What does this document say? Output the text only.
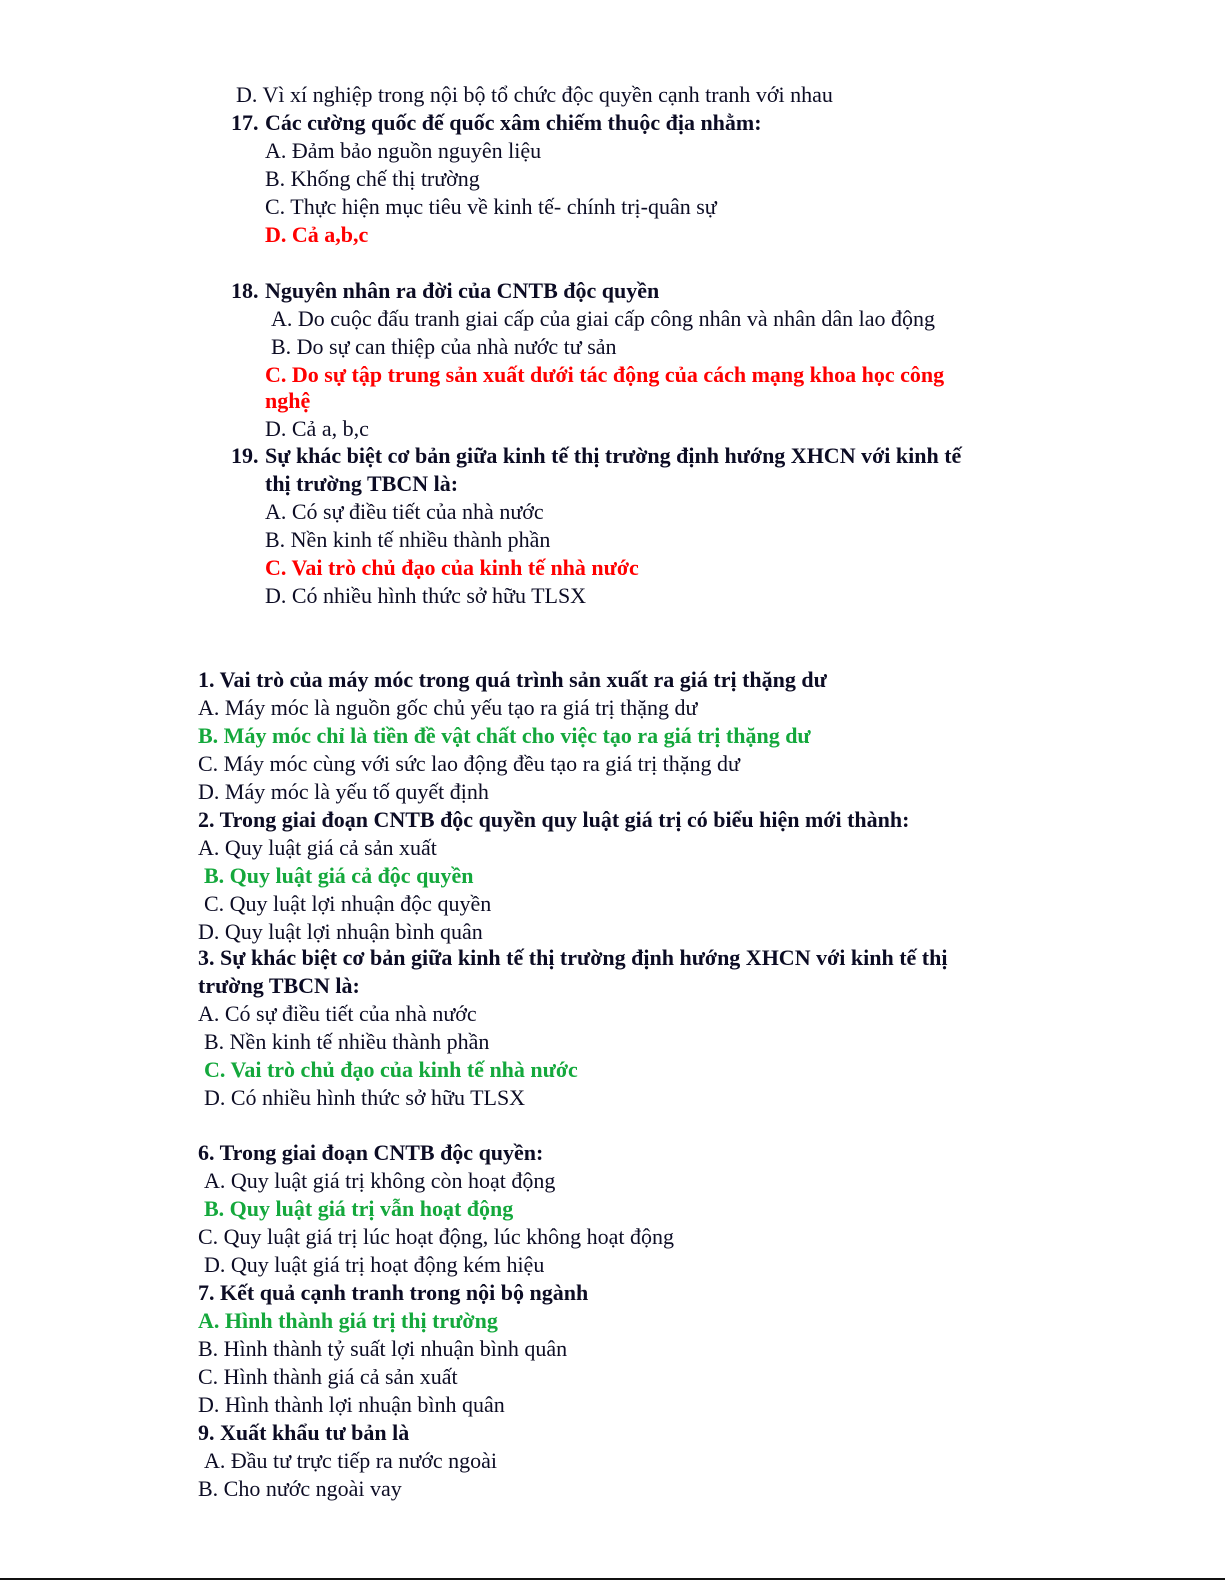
D. Vì xí nghiệp trong nội bộ tổ chức độc quyền cạnh tranh với nhau
17. Các cường quốc đế quốc xâm chiếm thuộc địa nhằm:
A. Đảm bảo nguồn nguyên liệu
B. Khống chế thị trường
C. Thực hiện mục tiêu về kinh tế- chính trị-quân sự
D. Cả a,b,c
18. Nguyên nhân ra đời của CNTB độc quyền
A. Do cuộc đấu tranh giai cấp của giai cấp công nhân và nhân dân lao động
B. Do sự can thiệp của nhà nước tư sản
C. Do sự tập trung sản xuất dưới tác động của cách mạng khoa học công
nghệ
D. Cả a, b,c
19. Sự khác biệt cơ bản giữa kinh tế thị trường định hướng XHCN với kinh tế
thị trường TBCN là:
A. Có sự điều tiết của nhà nước
B. Nền kinh tế nhiều thành phần
C. Vai trò chủ đạo của kinh tế nhà nước
D. Có nhiều hình thức sở hữu TLSX
1. Vai trò của máy móc trong quá trình sản xuất ra giá trị thặng dư
A. Máy móc là nguồn gốc chủ yếu tạo ra giá trị thặng dư
B. Máy móc chỉ là tiền đề vật chất cho việc tạo ra giá trị thặng dư
C. Máy móc cùng với sức lao động đều tạo ra giá trị thặng dư
D. Máy móc là yếu tố quyết định
2. Trong giai đoạn CNTB độc quyền quy luật giá trị có biểu hiện mới thành:
A. Quy luật giá cả sản xuất
B. Quy luật giá cả độc quyền
C. Quy luật lợi nhuận độc quyền
D. Quy luật lợi nhuận bình quân
3. Sự khác biệt cơ bản giữa kinh tế thị trường định hướng XHCN với kinh tế thị
trường TBCN là:
A. Có sự điều tiết của nhà nước
B. Nền kinh tế nhiều thành phần
C. Vai trò chủ đạo của kinh tế nhà nước
D. Có nhiều hình thức sở hữu TLSX
6. Trong giai đoạn CNTB độc quyền:
A. Quy luật giá trị không còn hoạt động
B. Quy luật giá trị vẫn hoạt động
C. Quy luật giá trị lúc hoạt động, lúc không hoạt động
D. Quy luật giá trị hoạt động kém hiệu
7. Kết quả cạnh tranh trong nội bộ ngành
A. Hình thành giá trị thị trường
B. Hình thành tỷ suất lợi nhuận bình quân
C. Hình thành giá cả sản xuất
D. Hình thành lợi nhuận bình quân
9. Xuất khẩu tư bản là
A. Đầu tư trực tiếp ra nước ngoài
B. Cho nước ngoài vay
